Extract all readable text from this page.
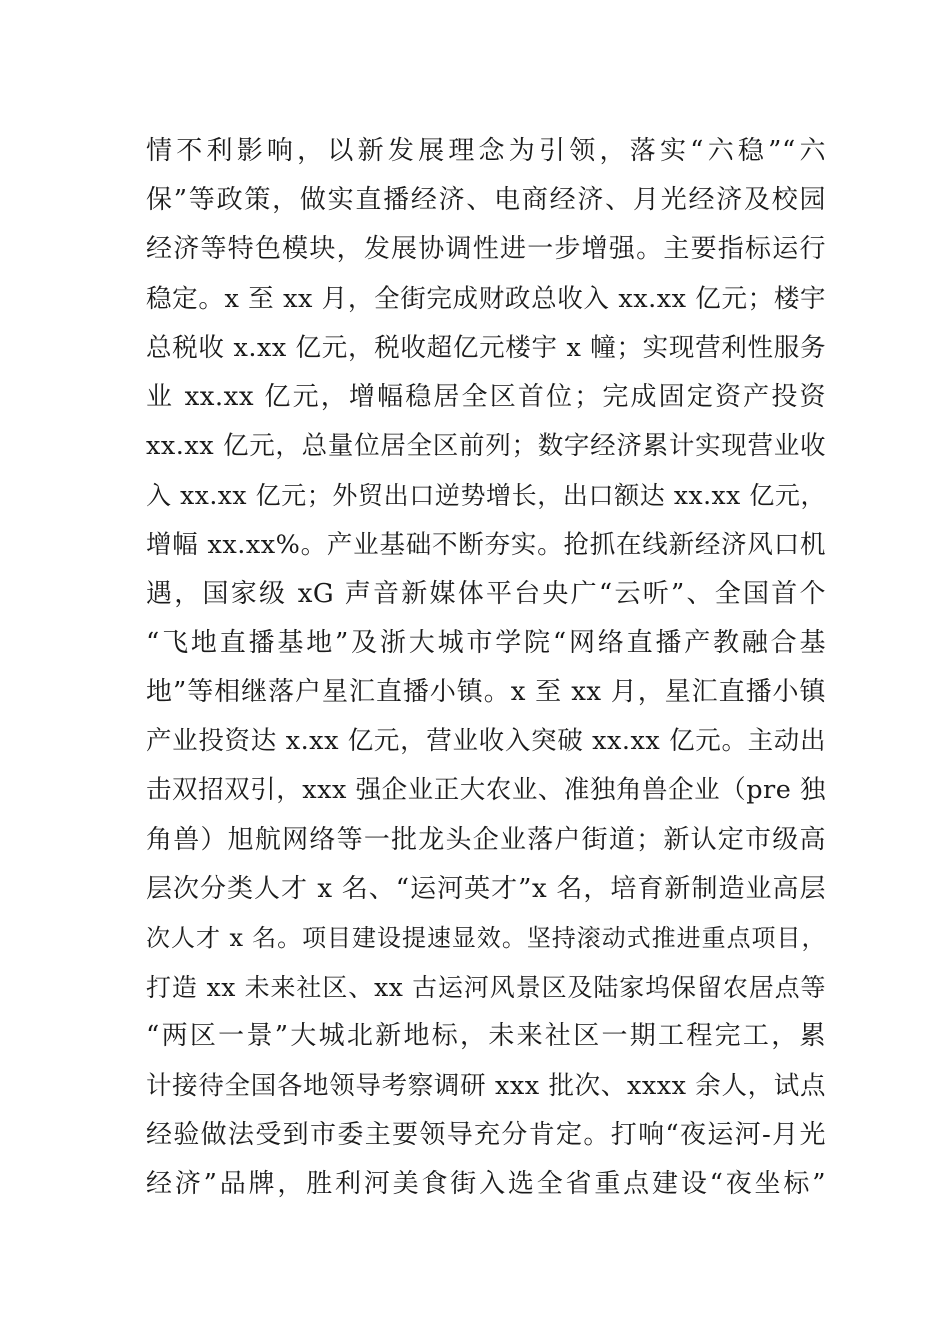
情不利影响，以新发展理念为引领，落实“六稳”“六
保”等政策，做实直播经济、电商经济、月光经济及校园
经济等特色模块，发展协调性进一步增强。主要指标运行
稳定。x 至 xx 月，全街完成财政总收入 xx.xx 亿元；楼宇
总税收 x.xx 亿元，税收超亿元楼宇 x 幢；实现营利性服务
业 xx.xx 亿元，增幅稳居全区首位；完成固定资产投资
xx.xx 亿元，总量位居全区前列；数字经济累计实现营业收
入 xx.xx 亿元；外贸出口逆势增长，出口额达 xx.xx 亿元，
增幅 xx.xx%。产业基础不断夯实。抢抓在线新经济风口机
遇，国家级 xG 声音新媒体平台央广“云听”、全国首个
“飞地直播基地”及浙大城市学院“网络直播产教融合基
地”等相继落户星汇直播小镇。x 至 xx 月，星汇直播小镇
产业投资达 x.xx 亿元，营业收入突破 xx.xx 亿元。主动出
击双招双引，xxx 强企业正大农业、准独角兽企业（pre 独
角兽）旭航网络等一批龙头企业落户街道；新认定市级高
层次分类人才 x 名、“运河英才”x 名，培育新制造业高层
次人才 x 名。项目建设提速显效。坚持滚动式推进重点项目，
打造 xx 未来社区、xx 古运河风景区及陆家坞保留农居点等
“两区一景”大城北新地标，未来社区一期工程完工，累
计接待全国各地领导考察调研 xxx 批次、xxxx 余人，试点
经验做法受到市委主要领导充分肯定。打响“夜运河-月光
经济”品牌，胜利河美食街入选全省重点建设“夜坐标”
